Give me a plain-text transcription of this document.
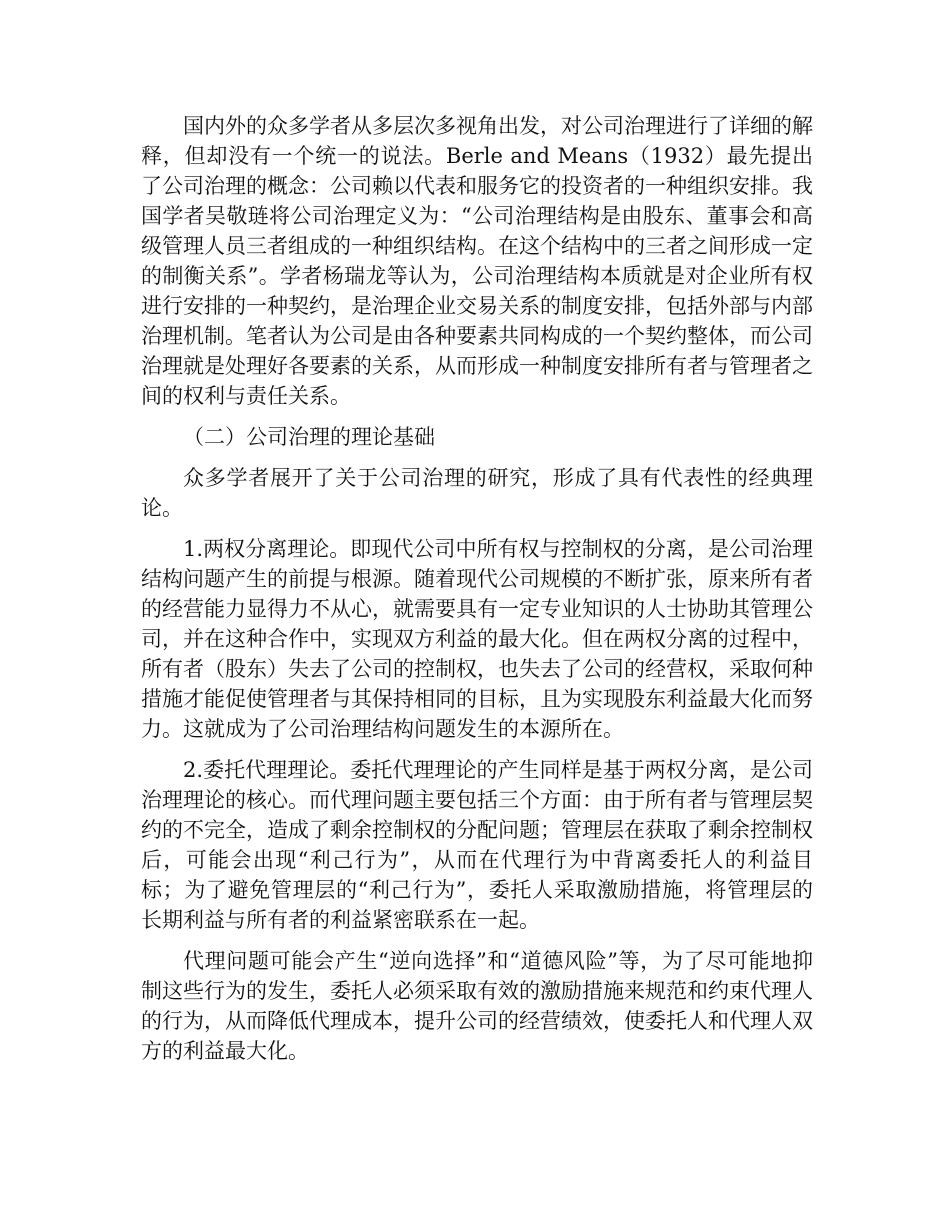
国内外的众多学者从多层次多视角出发，对公司治理进行了详细的解释，但却没有一个统一的说法。Berle and Means（1932）最先提出了公司治理的概念：公司赖以代表和服务它的投资者的一种组织安排。我国学者吴敬琏将公司治理定义为：“公司治理结构是由股东、董事会和高级管理人员三者组成的一种组织结构。在这个结构中的三者之间形成一定的制衡关系”。学者杨瑞龙等认为，公司治理结构本质就是对企业所有权进行安排的一种契约，是治理企业交易关系的制度安排，包括外部与内部治理机制。笔者认为公司是由各种要素共同构成的一个契约整体，而公司治理就是处理好各要素的关系，从而形成一种制度安排所有者与管理者之间的权利与责任关系。

（二）公司治理的理论基础

众多学者展开了关于公司治理的研究，形成了具有代表性的经典理论。

1.两权分离理论。即现代公司中所有权与控制权的分离，是公司治理结构问题产生的前提与根源。随着现代公司规模的不断扩张，原来所有者的经营能力显得力不从心，就需要具有一定专业知识的人士协助其管理公司，并在这种合作中，实现双方利益的最大化。但在两权分离的过程中，所有者（股东）失去了公司的控制权，也失去了公司的经营权，采取何种措施才能促使管理者与其保持相同的目标，且为实现股东利益最大化而努力。这就成为了公司治理结构问题发生的本源所在。

2.委托代理理论。委托代理理论的产生同样是基于两权分离，是公司治理理论的核心。而代理问题主要包括三个方面：由于所有者与管理层契约的不完全，造成了剩余控制权的分配问题；管理层在获取了剩余控制权后，可能会出现“利己行为”，从而在代理行为中背离委托人的利益目标；为了避免管理层的“利己行为”，委托人采取激励措施，将管理层的长期利益与所有者的利益紧密联系在一起。

代理问题可能会产生“逆向选择”和“道德风险”等，为了尽可能地抑制这些行为的发生，委托人必须采取有效的激励措施来规范和约束代理人的行为，从而降低代理成本，提升公司的经营绩效，使委托人和代理人双方的利益最大化。
